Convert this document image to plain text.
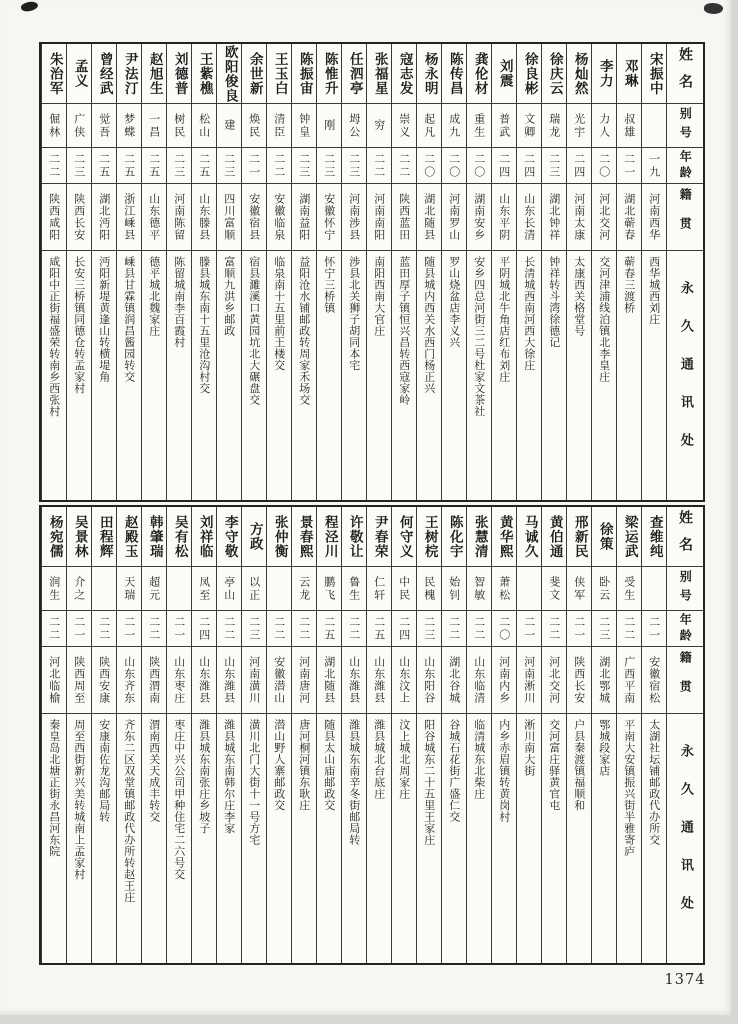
姓名
别号
年龄
籍贯
永久通讯处
宋振中
一九
河南西华
西华城西刘庄
邓琳
叔雄
二一
湖北蕲春
蕲春三渡桥
李力
力人
二〇
河北交河
交河津浦线泊镇北李皇庄
杨灿然
光宇
二四
河南太康
太康西关格堂号
徐庆云
瑞龙
二三
湖北钟祥
钟祥转斗湾徐德记
徐良彬
文卿
二四
山东长清
长清城西南河西大徐庄
刘震
普武
二四
山东平阴
平阴城北牛角店红布刘庄
龚伦材
重生
二〇
湖南安乡
安乡四总河街三二号杜家文茶社
陈传昌
成九
二〇
河南罗山
罗山烧盆店李义兴
杨永明
起凡
二〇
湖北随县
随县城内西关水西门杨正兴
寇志发
崇义
二二
陕西蓝田
蓝田厚子镇恒兴昌转西寇家岭
张福星
穷
二二
河南南阳
南阳西南大官庄
任泗亭
坶公
二三
河南涉县
涉县北关狮子胡同本宅
陈惟升
刚
二三
安徽怀宁
怀宁三桥镇
陈振宙
钟皇
二三
湖南益阳
益阳沧水铺邮政转周家禾场交
王玉白
清臣
二二
安徽临泉
临泉南十五里前王楼交
余世新
焕民
二一
安徽宿县
宿县濉溪口黄园坑北大碾盘交
欧阳俊良
建
二三
四川富顺
富顺九洪乡邮政
王紫樵
松山
二五
山东滕县
滕县城东南十五里沧沟村交
刘德普
树民
二三
河南陈留
陈留城南李百霞村
赵旭生
一昌
二五
山东德平
德平城北魏家庄
尹法汀
梦蝶
二五
浙江嵊县
嵊县甘霖镇润昌酱园转交
曾经武
觉吾
二五
湖北沔阳
沔阳新堤黄逢山转横堤角
孟义
广侠
二三
陕西长安
长安三桥镇同德仓转孟家村
朱治军
倔林
二二
陕西咸阳
咸阳中正街福盛荣转南乡西张村
姓名
别号
年龄
籍贯
永久通讯处
查维纯
二一
安徽宿松
太湖社坛铺邮政代办所交
梁运武
受生
二二
广西平南
平南大安镇振兴街半雅寄庐
徐策
卧云
二三
湖北鄂城
鄂城段家店
邢新民
侠军
二一
陕西长安
户县秦渡镇福顺和
黄伯通
斐文
二二
河北交河
交河富庄驿黄官屯
马诚久
二一
河南淅川
淅川南大街
黄华熙
萧松
二〇
河南内乡
内乡赤眉镇转黄岗村
张慧清
智敏
二二
山东临清
临清城东北柴庄
陈化宇
始钊
二二
湖北谷城
谷城石花街广盛仁交
王树梡
民槐
二三
山东阳谷
阳谷城东二十五里王家庄
何守义
中民
二四
山东汶上
汶上城北周家庄
尹春荣
仁轩
二五
山东潍县
潍县城北台底庄
许敬让
鲁生
二二
山东潍县
潍县城东南辛冬街邮局转
程泾川
鹏飞
二五
湖北随县
随县太山庙邮政交
景春熙
云龙
二二
河南唐河
唐河桐河镇东耿庄
张仲衡
二二
安徽潜山
潜山野人寨邮政交
方政
以正
二三
河南潢川
潢川北门大街十一号方宅
李守敬
亭山
二二
山东潍县
潍县城东南韩尔庄李家
刘祥临
凤至
二四
山东潍县
潍县城东南张庄乡坡子
吴有松
二一
山东枣庄
枣庄中兴公司甲种住宅二六号交
韩肇瑞
超元
二二
陕西渭南
渭南西关天成丰转交
赵殿玉
天瑞
二一
山东齐东
齐东二区双堂镇邮政代办所转赵王庄
田程辉
二二
陕西安康
安康南佐龙沟邮局转
吴景林
介之
二一
陕西周至
周至西街新兴美转城南上孟家村
杨宛儒
润生
二二
河北临榆
秦皇岛北塘正街永昌河东院
1374
